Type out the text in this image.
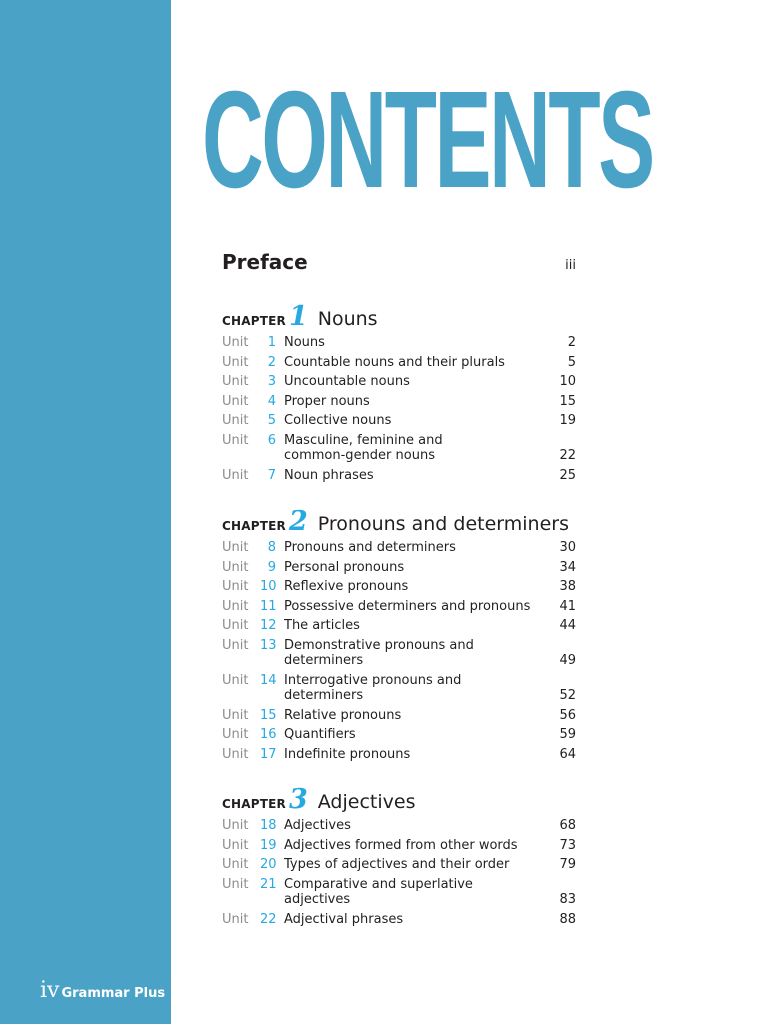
iv Grammar Plus
CONTENTS
Preface	iii
CHAPTER 1 Nouns
Unit	1 Nouns	2
Unit	2 Countable nouns and their plurals	5
Unit	3 Uncountable nouns	10
Unit	4 Proper nouns	15
Unit	5 Collective nouns	19
Unit	6 Masculine, feminine and
common-gender nouns	22
Unit	7 Noun phrases	25
CHAPTER 2 Pronouns and determiners
Unit	8 Pronouns and determiners	30
Unit	9 Personal pronouns	34
Unit 10 Reflexive pronouns	38
Unit 11 Possessive determiners and pronouns	41
Unit 12 The articles	44
Unit 13 Demonstrative pronouns and
determiners	49
Unit 14 Interrogative pronouns and
determiners	52
Unit 15 Relative pronouns	56
Unit 16 Quantifiers	59
Unit 17 Indefinite pronouns	64
CHAPTER 3 Adjectives
Unit 18 Adjectives	68
Unit 19 Adjectives formed from other words	73
Unit 20 Types of adjectives and their order	79
Unit 21 Comparative and superlative
adjectives	83
Unit 22 Adjectival phrases	88
